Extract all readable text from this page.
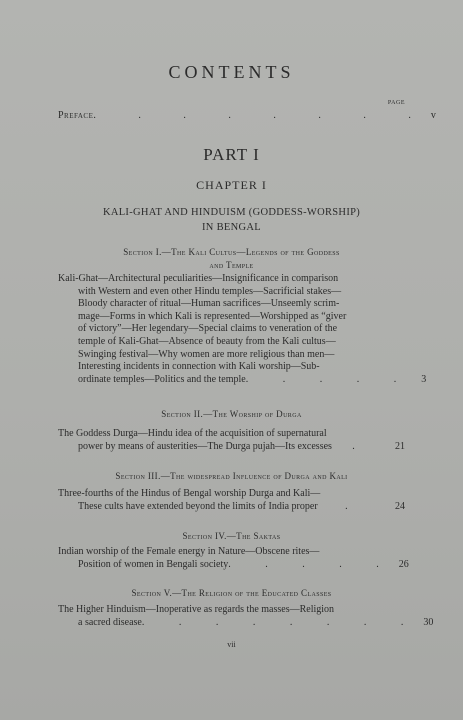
CONTENTS
PAGE
Preface . . . . . . . . v
PART I
CHAPTER I
KALI-GHAT AND HINDUISM (GODDESS-WORSHIP)
IN BENGAL
Section I.—The Kali Cultus—Legends of the Goddess
and Temple
Kali-Ghat—Architectural peculiarities—Insignificance in comparison
with Western and even other Hindu temples—Sacrificial stakes—
Bloody character of ritual—Human sacrifices—Unseemly scrim-
mage—Forms in which Kali is represented—Worshipped as “giver
of victory”—Her legendary—Special claims to veneration of the
temple of Kali-Ghat—Absence of beauty from the Kali cultus—
Swinging festival—Why women are more religious than men—
Interesting incidents in connection with Kali worship—Sub-
ordinate temples—Politics and the temple . . . . . 3
Section II.—The Worship of Durga
The Goddess Durga—Hindu idea of the acquisition of supernatural
power by means of austerities—The Durga pujah—Its excesses	.	21
Section III.—The widespread Influence of Durga and Kali
Three-fourths of the Hindus of Bengal worship Durga and Kali—
These cults have extended beyond the limits of India proper	.	24
Section IV.—The Saktas
Indian worship of the Female energy in Nature—Obscene rites—
Position of women in Bengali society . . . . . 26
Section V.—The Religion of the Educated Classes
The Higher Hinduism—Inoperative as regards the masses—Religion
a sacred disease . . . . . . . . 30
vii
